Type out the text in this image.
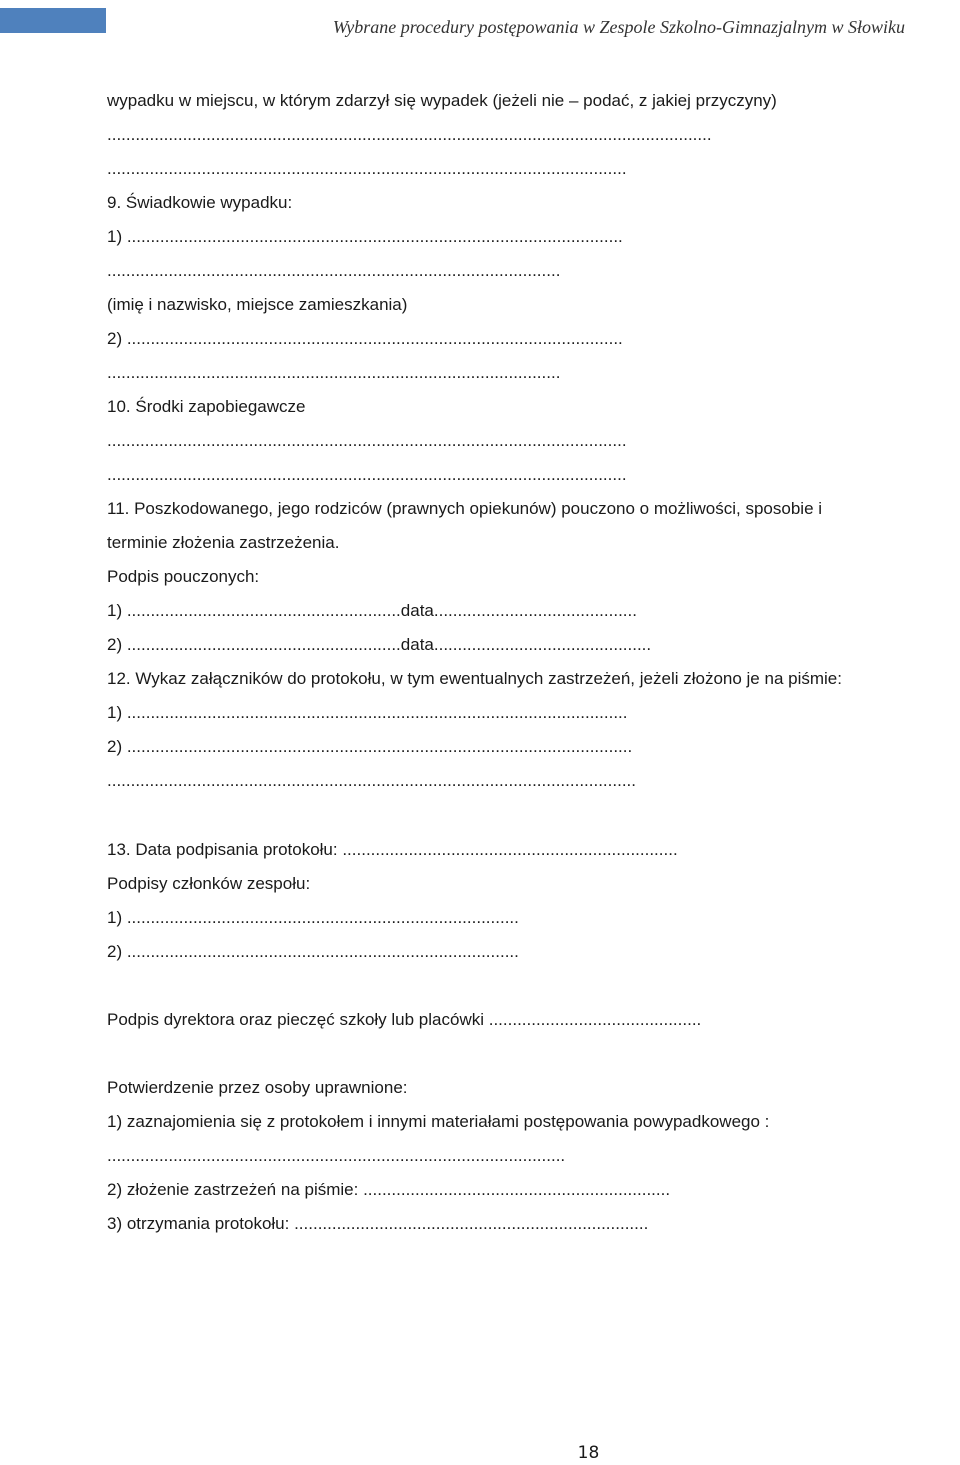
Wybrane procedury postępowania w Zespole Szkolno-Gimnazjalnym w Słowiku
wypadku w miejscu, w którym zdarzył się wypadek (jeżeli nie – podać, z jakiej przyczyny)
................................................................................................................................
..............................................................................................................
9. Świadkowie wypadku:
1) .........................................................................................................
................................................................................................
(imię i nazwisko, miejsce zamieszkania)
2) .........................................................................................................
................................................................................................
10. Środki zapobiegawcze
..............................................................................................................
..............................................................................................................
11. Poszkodowanego, jego rodziców (prawnych opiekunów) pouczono o możliwości, sposobie i
terminie złożenia zastrzeżenia.
Podpis pouczonych:
1) ..........................................................data...........................................
2) ..........................................................data..............................................
12. Wykaz załączników do protokołu, w tym ewentualnych zastrzeżeń, jeżeli złożono je na piśmie:
1) ..........................................................................................................
2) ...........................................................................................................
................................................................................................................
13. Data podpisania protokołu: .......................................................................
Podpisy członków zespołu:
1) ...................................................................................
2) ...................................................................................
Podpis dyrektora oraz pieczęć szkoły lub placówki .............................................
Potwierdzenie przez osoby uprawnione:
1) zaznajomienia się z protokołem i innymi materiałami postępowania powypadkowego :
.................................................................................................
2) złożenie zastrzeżeń na piśmie: .................................................................
3) otrzymania protokołu: ...........................................................................
18
